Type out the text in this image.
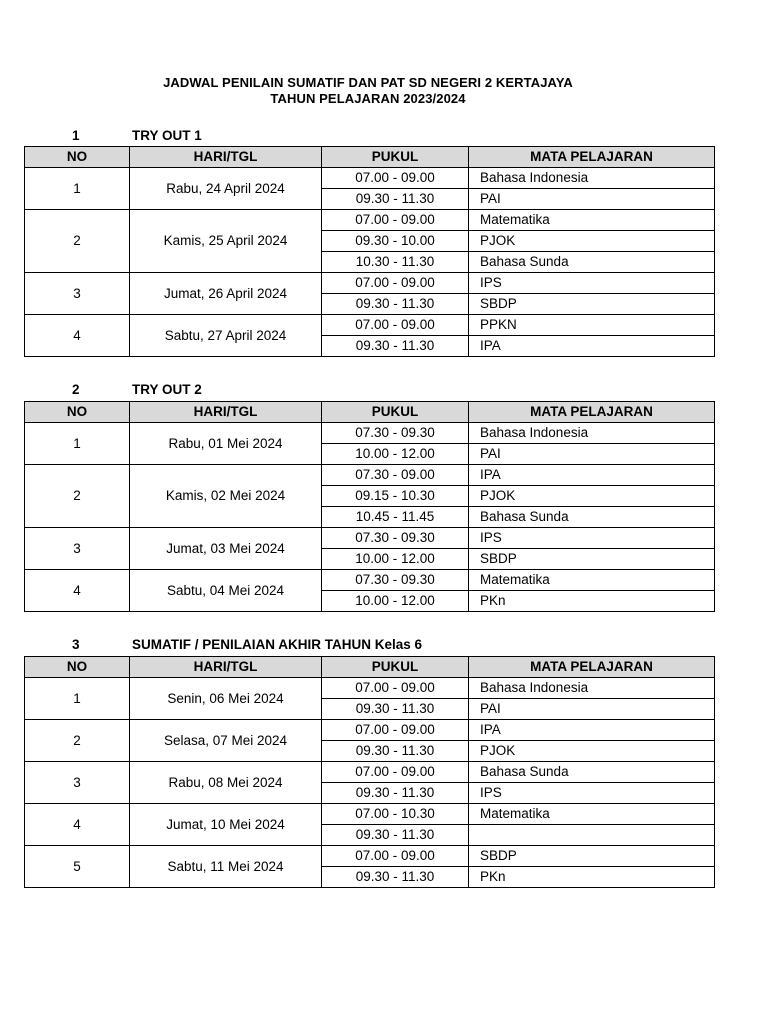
JADWAL PENILAIN SUMATIF DAN PAT SD NEGERI 2 KERTAJAYA
TAHUN PELAJARAN 2023/2024
1	TRY OUT 1
NO	HARI/TGL	PUKUL	MATA PELAJARAN
1	Rabu, 24 April 2024	07.00 - 09.00	Bahasa Indonesia
		09.30 - 11.30	PAI
2	Kamis, 25 April 2024	07.00 - 09.00	Matematika
		09.30 - 10.00	PJOK
		10.30 - 11.30	Bahasa Sunda
3	Jumat, 26 April 2024	07.00 - 09.00	IPS
		09.30 - 11.30	SBDP
4	Sabtu, 27 April 2024	07.00 - 09.00	PPKN
		09.30 - 11.30	IPA
2	TRY OUT 2
NO	HARI/TGL	PUKUL	MATA PELAJARAN
1	Rabu, 01 Mei 2024	07.30 - 09.30	Bahasa Indonesia
		10.00 - 12.00	PAI
2	Kamis, 02 Mei 2024	07.30 - 09.00	IPA
		09.15 - 10.30	PJOK
		10.45 - 11.45	Bahasa Sunda
3	Jumat, 03 Mei 2024	07.30 - 09.30	IPS
		10.00 - 12.00	SBDP
4	Sabtu, 04 Mei 2024	07.30 - 09.30	Matematika
		10.00 - 12.00	PKn
3	SUMATIF / PENILAIAN AKHIR TAHUN Kelas 6
NO	HARI/TGL	PUKUL	MATA PELAJARAN
1	Senin, 06 Mei 2024	07.00 - 09.00	Bahasa Indonesia
		09.30 - 11.30	PAI
2	Selasa, 07 Mei 2024	07.00 - 09.00	IPA
		09.30 - 11.30	PJOK
3	Rabu, 08 Mei 2024	07.00 - 09.00	Bahasa Sunda
		09.30 - 11.30	IPS
4	Jumat, 10 Mei 2024	07.00 - 10.30	Matematika
		09.30 - 11.30	
5	Sabtu, 11 Mei 2024	07.00 - 09.00	SBDP
		09.30 - 11.30	PKn
